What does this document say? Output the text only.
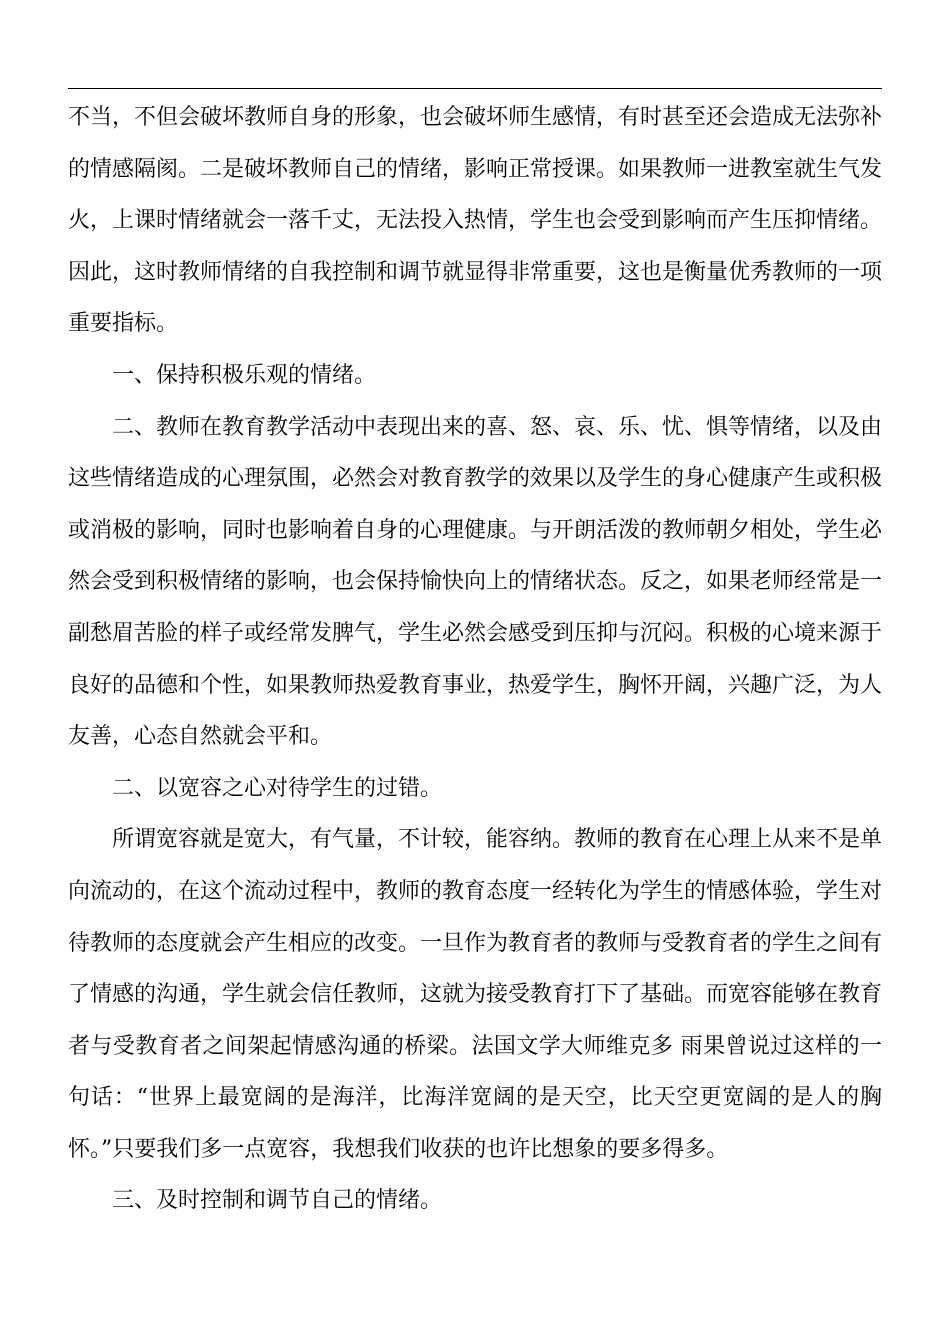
不当，不但会破坏教师自身的形象，也会破坏师生感情，有时甚至还会造成无法弥补的情感隔阂。二是破坏教师自己的情绪，影响正常授课。如果教师一进教室就生气发火，上课时情绪就会一落千丈，无法投入热情，学生也会受到影响而产生压抑情绪。因此，这时教师情绪的自我控制和调节就显得非常重要，这也是衡量优秀教师的一项重要指标。

一、保持积极乐观的情绪。

二、教师在教育教学活动中表现出来的喜、怒、哀、乐、忧、惧等情绪，以及由这些情绪造成的心理氛围，必然会对教育教学的效果以及学生的身心健康产生或积极或消极的影响，同时也影响着自身的心理健康。与开朗活泼的教师朝夕相处，学生必然会受到积极情绪的影响，也会保持愉快向上的情绪状态。反之，如果老师经常是一副愁眉苦脸的样子或经常发脾气，学生必然会感受到压抑与沉闷。积极的心境来源于良好的品德和个性，如果教师热爱教育事业，热爱学生，胸怀开阔，兴趣广泛，为人友善，心态自然就会平和。

二、以宽容之心对待学生的过错。

所谓宽容就是宽大，有气量，不计较，能容纳。教师的教育在心理上从来不是单向流动的，在这个流动过程中，教师的教育态度一经转化为学生的情感体验，学生对待教师的态度就会产生相应的改变。一旦作为教育者的教师与受教育者的学生之间有了情感的沟通，学生就会信任教师，这就为接受教育打下了基础。而宽容能够在教育者与受教育者之间架起情感沟通的桥梁。法国文学大师维克多 雨果曾说过这样的一句话：“世界上最宽阔的是海洋，比海洋宽阔的是天空，比天空更宽阔的是人的胸怀。”只要我们多一点宽容，我想我们收获的也许比想象的要多得多。

三、及时控制和调节自己的情绪。
